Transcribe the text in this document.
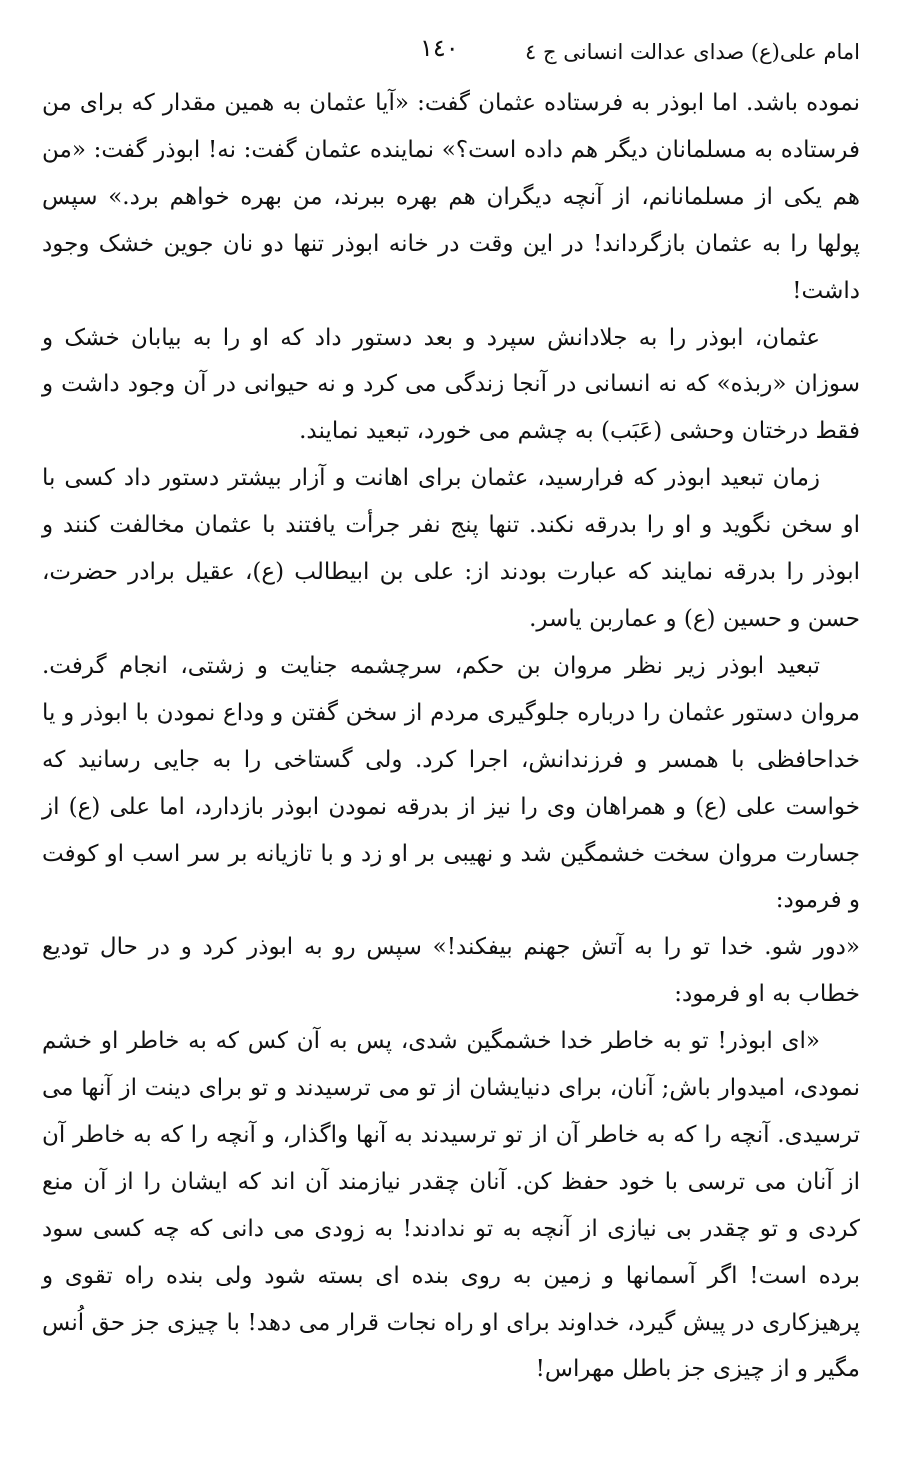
امام علی(ع) صدای عدالت انسانی ج ٤
١٤٠

نموده باشد. اما ابوذر به فرستاده عثمان گفت: «آیا عثمان به همین مقدار که برای من فرستاده به مسلمانان دیگر هم داده است؟» نماینده عثمان گفت: نه! ابوذر گفت: «من هم یکی از مسلمانانم، از آنچه دیگران هم بهره ببرند، من بهره خواهم برد.» سپس پولها را به عثمان بازگرداند! در این وقت در خانه ابوذر تنها دو نان جوین خشک وجود داشت!

عثمان، ابوذر را به جلادانش سپرد و بعد دستور داد که او را به بیابان خشک و سوزان «ربذه» که نه انسانی در آنجا زندگی می کرد و نه حیوانی در آن وجود داشت و فقط درختان وحشی (عَبَب) به چشم می خورد، تبعید نمایند.

زمان تبعید ابوذر که فرارسید، عثمان برای اهانت و آزار بیشتر دستور داد کسی با او سخن نگوید و او را بدرقه نکند. تنها پنج نفر جرأت یافتند با عثمان مخالفت کنند و ابوذر را بدرقه نمایند که عبارت بودند از: علی بن ابیطالب (ع)، عقیل برادر حضرت، حسن و حسین (ع) و عماربن یاسر.

تبعید ابوذر زیر نظر مروان بن حکم، سرچشمه جنایت و زشتی، انجام گرفت. مروان دستور عثمان را درباره جلوگیری مردم از سخن گفتن و وداع نمودن با ابوذر و یا خداحافظی با همسر و فرزندانش، اجرا کرد. ولی گستاخی را به جایی رسانید که خواست علی (ع) و همراهان وی را نیز از بدرقه نمودن ابوذر بازدارد، اما علی (ع) از جسارت مروان سخت خشمگین شد و نهیبی بر او زد و با تازیانه بر سر اسب او کوفت و فرمود:

«دور شو. خدا تو را به آتش جهنم بیفکند!» سپس رو به ابوذر کرد و در حال توديع خطاب به او فرمود:

«ای ابوذر! تو به خاطر خدا خشمگین شدی، پس به آن کس که به خاطر او خشم نمودی، امیدوار باش; آنان، برای دنیایشان از تو می ترسیدند و تو برای دینت از آنها می ترسیدی. آنچه را که به خاطر آن از تو ترسیدند به آنها واگذار، و آنچه را که به خاطر آن از آنان می ترسی با خود حفظ کن. آنان چقدر نیازمند آن اند که ایشان را از آن منع کردی و تو چقدر بی نیازی از آنچه به تو ندادند! به زودی می دانی که چه کسی سود برده است! اگر آسمانها و زمین به روی بنده ای بسته شود ولی بنده راه تقوی و پرهیزکاری در پیش گیرد، خداوند برای او راه نجات قرار می دهد! با چیزی جز حق اُنس مگیر و از چیزی جز باطل مهراس!
